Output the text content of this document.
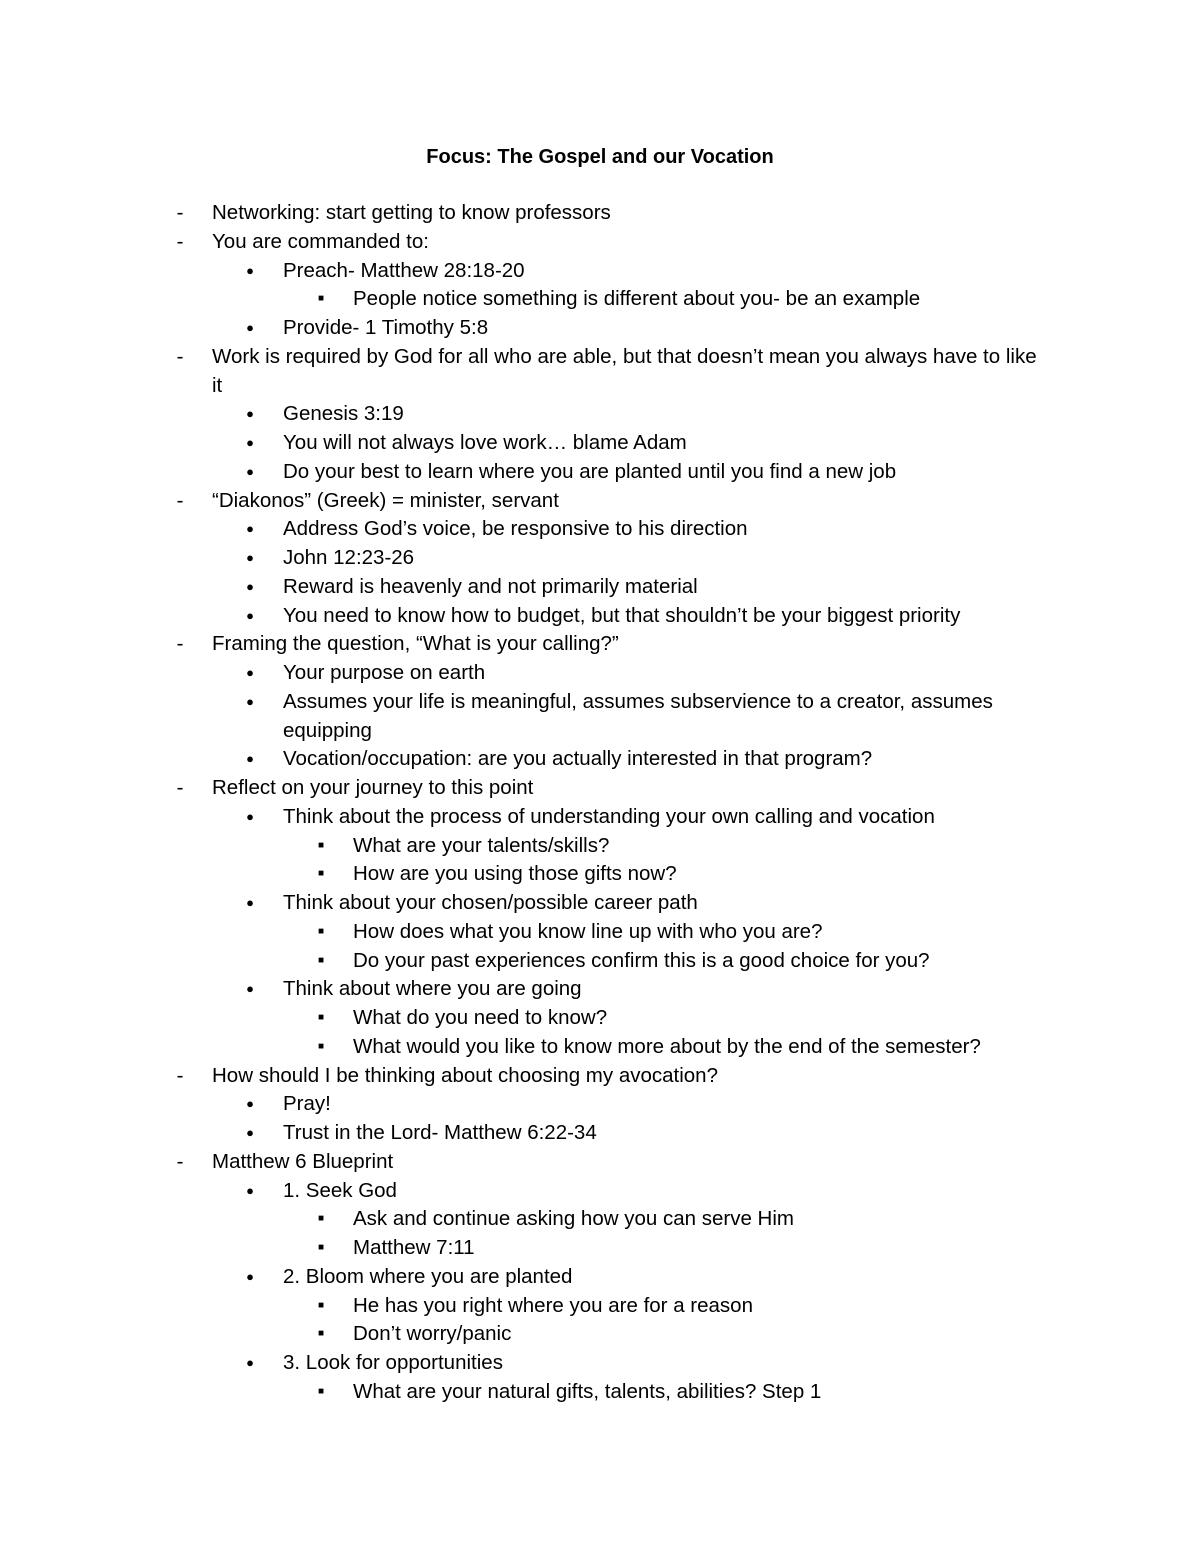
Focus: The Gospel and our Vocation
-	Networking: start getting to know professors
-	You are commanded to:
● Preach- Matthew 28:18-20
■	People notice something is different about you- be an example
● Provide- 1 Timothy 5:8
-	Work is required by God for all who are able, but that doesn’t mean you always have to like it
● Genesis 3:19
● You will not always love work… blame Adam
● Do your best to learn where you are planted until you find a new job
-	“Diakonos” (Greek) = minister, servant
● Address God’s voice, be responsive to his direction
● John 12:23-26
● Reward is heavenly and not primarily material
● You need to know how to budget, but that shouldn’t be your biggest priority
-	Framing the question, “What is your calling?”
● Your purpose on earth
● Assumes your life is meaningful, assumes subservience to a creator, assumes equipping
● Vocation/occupation: are you actually interested in that program?
-	Reflect on your journey to this point
● Think about the process of understanding your own calling and vocation
■	What are your talents/skills?
■	How are you using those gifts now?
● Think about your chosen/possible career path
■	How does what you know line up with who you are?
■	Do your past experiences confirm this is a good choice for you?
● Think about where you are going
■	What do you need to know?
■	What would you like to know more about by the end of the semester?
-	How should I be thinking about choosing my avocation?
● Pray!
● Trust in the Lord- Matthew 6:22-34
-	Matthew 6 Blueprint
● 1. Seek God
■	Ask and continue asking how you can serve Him
■	Matthew 7:11
● 2. Bloom where you are planted
■	He has you right where you are for a reason
■	Don’t worry/panic
● 3. Look for opportunities
■	What are your natural gifts, talents, abilities? Step 1
